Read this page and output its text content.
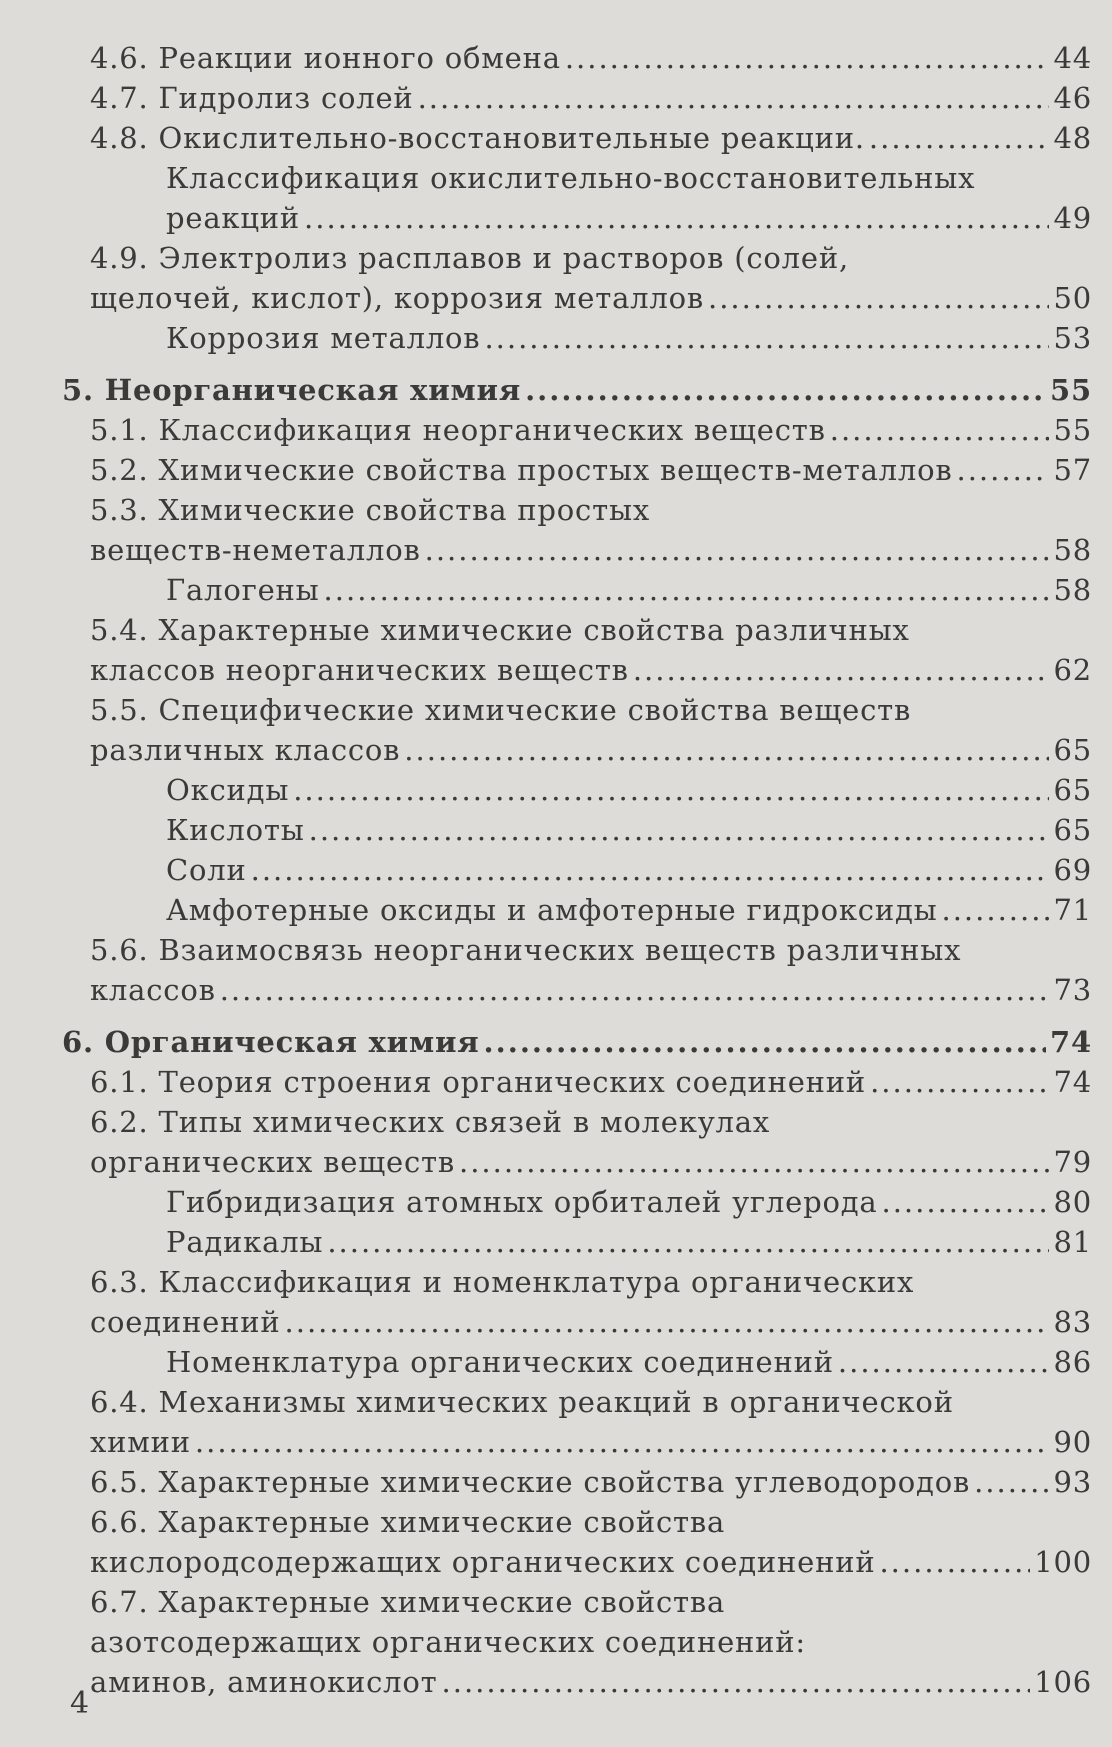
4.6. Реакции ионного обмена .....	44
4.7. Гидролиз солей .....	46
4.8. Окислительно-восстановительные реакции. .....	48
Классификация окислительно-восстановительных
реакций .....	49
4.9. Электролиз расплавов и растворов (солей,
щелочей, кислот), коррозия металлов .....	50
Коррозия металлов .....	53
5. Неорганическая химия .....	55
5.1. Классификация неорганических веществ .....	55
5.2. Химические свойства простых веществ-металлов .....	57
5.3. Химические свойства простых
веществ-неметаллов .....	58
Галогены .....	58
5.4. Характерные химические свойства различных
классов неорганических веществ .....	62
5.5. Специфические химические свойства веществ
различных классов .....	65
Оксиды .....	65
Кислоты .....	65
Соли .....	69
Амфотерные оксиды и амфотерные гидроксиды .....	71
5.6. Взаимосвязь неорганических веществ различных
классов .....	73
6. Органическая химия .....	74
6.1. Теория строения органических соединений .....	74
6.2. Типы химических связей в молекулах
органических веществ .....	79
Гибридизация атомных орбиталей углерода .....	80
Радикалы .....	81
6.3. Классификация и номенклатура органических
соединений .....	83
Номенклатура органических соединений .....	86
6.4. Механизмы химических реакций в органической
химии .....	90
6.5. Характерные химические свойства углеводородов .....	93
6.6. Характерные химические свойства
кислородсодержащих органических соединений .....	100
6.7. Характерные химические свойства
азотсодержащих органических соединений:
аминов, аминокислот .....	106
4
